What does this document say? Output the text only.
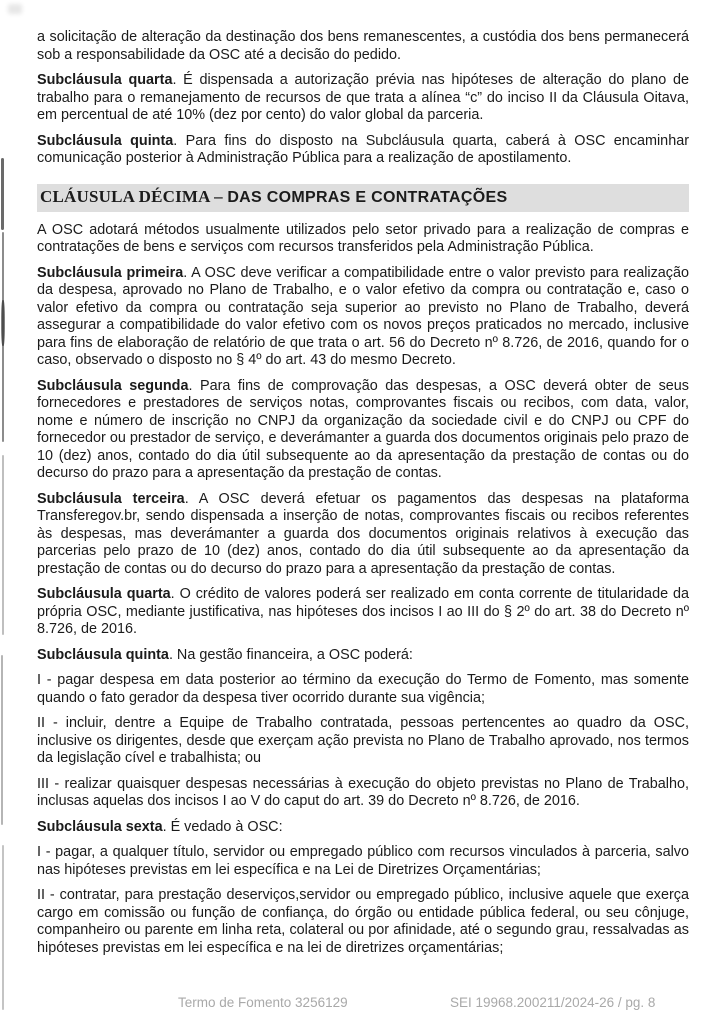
a solicitação de alteração da destinação dos bens remanescentes, a custódia dos bens permanecerá sob a responsabilidade da OSC até a decisão do pedido.

Subcláusula quarta. É dispensada a autorização prévia nas hipóteses de alteração do plano de trabalho para o remanejamento de recursos de que trata a alínea “c” do inciso II da Cláusula Oitava, em percentual de até 10% (dez por cento) do valor global da parceria.

Subcláusula quinta. Para fins do disposto na Subcláusula quarta, caberá à OSC encaminhar comunicação posterior à Administração Pública para a realização de apostilamento.

CLÁUSULA DÉCIMA – DAS COMPRAS E CONTRATAÇÕES

A OSC adotará métodos usualmente utilizados pelo setor privado para a realização de compras e contratações de bens e serviços com recursos transferidos pela Administração Pública.

Subcláusula primeira. A OSC deve verificar a compatibilidade entre o valor previsto para realização da despesa, aprovado no Plano de Trabalho, e o valor efetivo da compra ou contratação e, caso o valor efetivo da compra ou contratação seja superior ao previsto no Plano de Trabalho, deverá assegurar a compatibilidade do valor efetivo com os novos preços praticados no mercado, inclusive para fins de elaboração de relatório de que trata o art. 56 do Decreto nº 8.726, de 2016, quando for o caso, observado o disposto no § 4º do art. 43 do mesmo Decreto.

Subcláusula segunda. Para fins de comprovação das despesas, a OSC deverá obter de seus fornecedores e prestadores de serviços notas, comprovantes fiscais ou recibos, com data, valor, nome e número de inscrição no CNPJ da organização da sociedade civil e do CNPJ ou CPF do fornecedor ou prestador de serviço, e deverámanter a guarda dos documentos originais pelo prazo de 10 (dez) anos, contado do dia útil subsequente ao da apresentação da prestação de contas ou do decurso do prazo para a apresentação da prestação de contas.

Subcláusula terceira. A OSC deverá efetuar os pagamentos das despesas na plataforma Transferegov.br, sendo dispensada a inserção de notas, comprovantes fiscais ou recibos referentes às despesas, mas deverámanter a guarda dos documentos originais relativos à execução das parcerias pelo prazo de 10 (dez) anos, contado do dia útil subsequente ao da apresentação da prestação de contas ou do decurso do prazo para a apresentação da prestação de contas.

Subcláusula quarta. O crédito de valores poderá ser realizado em conta corrente de titularidade da própria OSC, mediante justificativa, nas hipóteses dos incisos I ao III do § 2º do art. 38 do Decreto nº 8.726, de 2016.

Subcláusula quinta. Na gestão financeira, a OSC poderá:

I - pagar despesa em data posterior ao término da execução do Termo de Fomento, mas somente quando o fato gerador da despesa tiver ocorrido durante sua vigência;

II - incluir, dentre a Equipe de Trabalho contratada, pessoas pertencentes ao quadro da OSC, inclusive os dirigentes, desde que exerçam ação prevista no Plano de Trabalho aprovado, nos termos da legislação cível e trabalhista; ou

III - realizar quaisquer despesas necessárias à execução do objeto previstas no Plano de Trabalho, inclusas aquelas dos incisos I ao V do caput do art. 39 do Decreto nº 8.726, de 2016.

Subcláusula sexta. É vedado à OSC:

I - pagar, a qualquer título, servidor ou empregado público com recursos vinculados à parceria, salvo nas hipóteses previstas em lei específica e na Lei de Diretrizes Orçamentárias;

II - contratar, para prestação deserviços,servidor ou empregado público, inclusive aquele que exerça cargo em comissão ou função de confiança, do órgão ou entidade pública federal, ou seu cônjuge, companheiro ou parente em linha reta, colateral ou por afinidade, até o segundo grau, ressalvadas as hipóteses previstas em lei específica e na lei de diretrizes orçamentárias;

Termo de Fomento 3256129	SEI 19968.200211/2024-26 / pg. 8
